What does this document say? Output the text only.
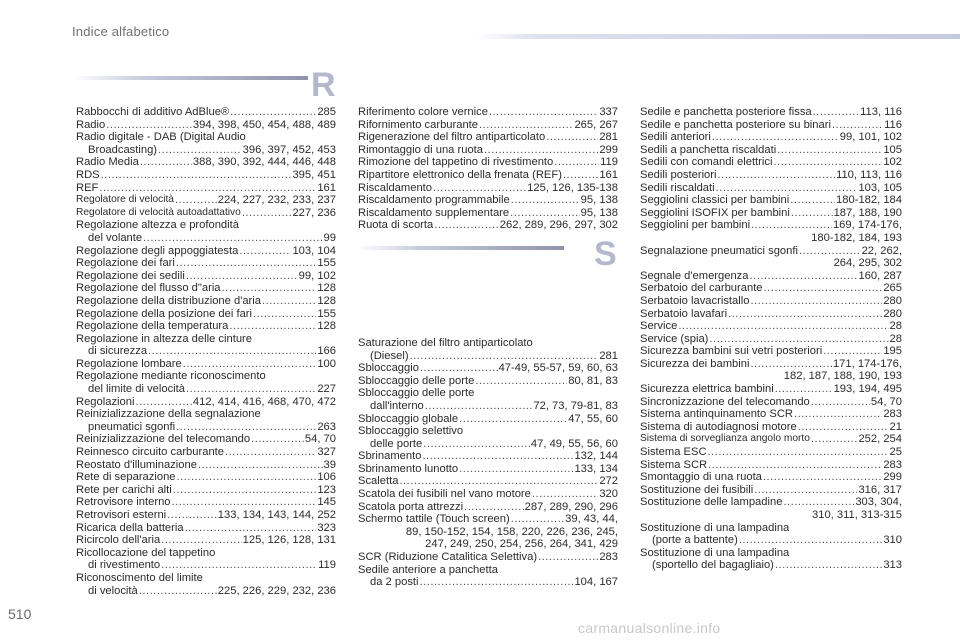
Indice alfabetico
R
Rabbocchi di additivo AdBlue® .....	285
Radio .....	394, 398, 450, 454, 488, 489
Radio digitale - DAB (Digital Audio
Broadcasting) .....	396, 397, 452, 453
Radio Media .....	388, 390, 392, 444, 446, 448
RDS .....	395, 451
REF .....	161
Regolatore di velocità .....	224, 227, 232, 233, 237
Regolatore di velocità autoadattativo .....	227, 236
Regolazione altezza e profondità
del volante .....	99
Regolazione degli appoggiatesta .....	103, 104
Regolazione dei fari .....	155
Regolazione dei sedili .....	99, 102
Regolazione del flusso d"aria .....	128
Regolazione della distribuzione d'aria .....	128
Regolazione della posizione dei fari .....	155
Regolazione della temperatura .....	128
Regolazione in altezza delle cinture
di sicurezza .....	166
Regolazione lombare .....	100
Regolazione mediante riconoscimento
del limite di velocità .....	227
Regolazioni .....	412, 414, 416, 468, 470, 472
Reinizializzazione della segnalazione
pneumatici sgonfi .....	263
Reinizializzazione del telecomando .....	54, 70
Reinnesco circuito carburante .....	327
Reostato d'illuminazione .....	39
Rete di separazione .....	106
Rete per carichi alti .....	123
Retrovisore interno .....	145
Retrovisori esterni .....	133, 134, 143, 144, 252
Ricarica della batteria .....	323
Ricircolo dell'aria .....	125, 126, 128, 131
Ricollocazione del tappetino
di rivestimento .....	119
Riconoscimento del limite
di velocità .....	225, 226, 229, 232, 236
Riferimento colore vernice .....	337
Rifornimento carburante .....	265, 267
Rigenerazione del filtro antiparticolato .....	281
Rimontaggio di una ruota .....	299
Rimozione del tappetino di rivestimento .....	119
Ripartitore elettronico della frenata (REF) .....	161
Riscaldamento .....	125, 126, 135-138
Riscaldamento programmabile .....	95, 138
Riscaldamento supplementare .....	95, 138
Ruota di scorta .....	262, 289, 296, 297, 302
S
Saturazione del filtro antiparticolato
(Diesel) .....	281
Sbloccaggio .....	47-49, 55-57, 59, 60, 63
Sbloccaggio delle porte .....	80, 81, 83
Sbloccaggio delle porte
dall'interno .....	72, 73, 79-81, 83
Sbloccaggio globale .....	47, 55, 60
Sbloccaggio selettivo
delle porte .....	47, 49, 55, 56, 60
Sbrinamento .....	132, 144
Sbrinamento lunotto .....	133, 134
Scaletta .....	272
Scatola dei fusibili nel vano motore .....	320
Scatola porta attrezzi .....	287, 289, 290, 296
Schermo tattile (Touch screen) .....	39, 43, 44,
89, 150-152, 154, 158, 220, 226, 236, 245,
247, 249, 250, 254, 256, 264, 341, 429
SCR (Riduzione Catalitica Selettiva) .....	283
Sedile anteriore a panchetta
da 2 posti .....	104, 167
Sedile e panchetta posteriore fissa .....	113, 116
Sedile e panchetta posteriore su binari .....	116
Sedili anteriori .....	99, 101, 102
Sedili a panchetta riscaldati .....	105
Sedili con comandi elettrici .....	102
Sedili posteriori .....	110, 113, 116
Sedili riscaldati .....	103, 105
Seggiolini classici per bambini .....	180-182, 184
Seggiolini ISOFIX per bambini .....	187, 188, 190
Seggiolini per bambini .....	169, 174-176,
180-182, 184, 193
Segnalazione pneumatici sgonfi .....	22, 262,
264, 295, 302
Segnale d'emergenza .....	160, 287
Serbatoio del carburante .....	265
Serbatoio lavacristallo .....	280
Serbatoio lavafari .....	280
Service .....	28
Service (spia) .....	28
Sicurezza bambini sui vetri posteriori .....	195
Sicurezza dei bambini .....	171, 174-176,
182, 187, 188, 190, 193
Sicurezza elettrica bambini .....	193, 194, 495
Sincronizzazione del telecomando .....	54, 70
Sistema antinquinamento SCR .....	283
Sistema di autodiagnosi motore .....	21
Sistema di sorveglianza angolo morto .....	252, 254
Sistema ESC .....	25
Sistema SCR .....	283
Smontaggio di una ruota .....	299
Sostituzione dei fusibili .....	316, 317
Sostituzione delle lampadine .....	303, 304,
310, 311, 313-315
Sostituzione di una lampadina
(porte a battente) .....	310
Sostituzione di una lampadina
(sportello del bagagliaio) .....	313
510
carmanualsonline.info
